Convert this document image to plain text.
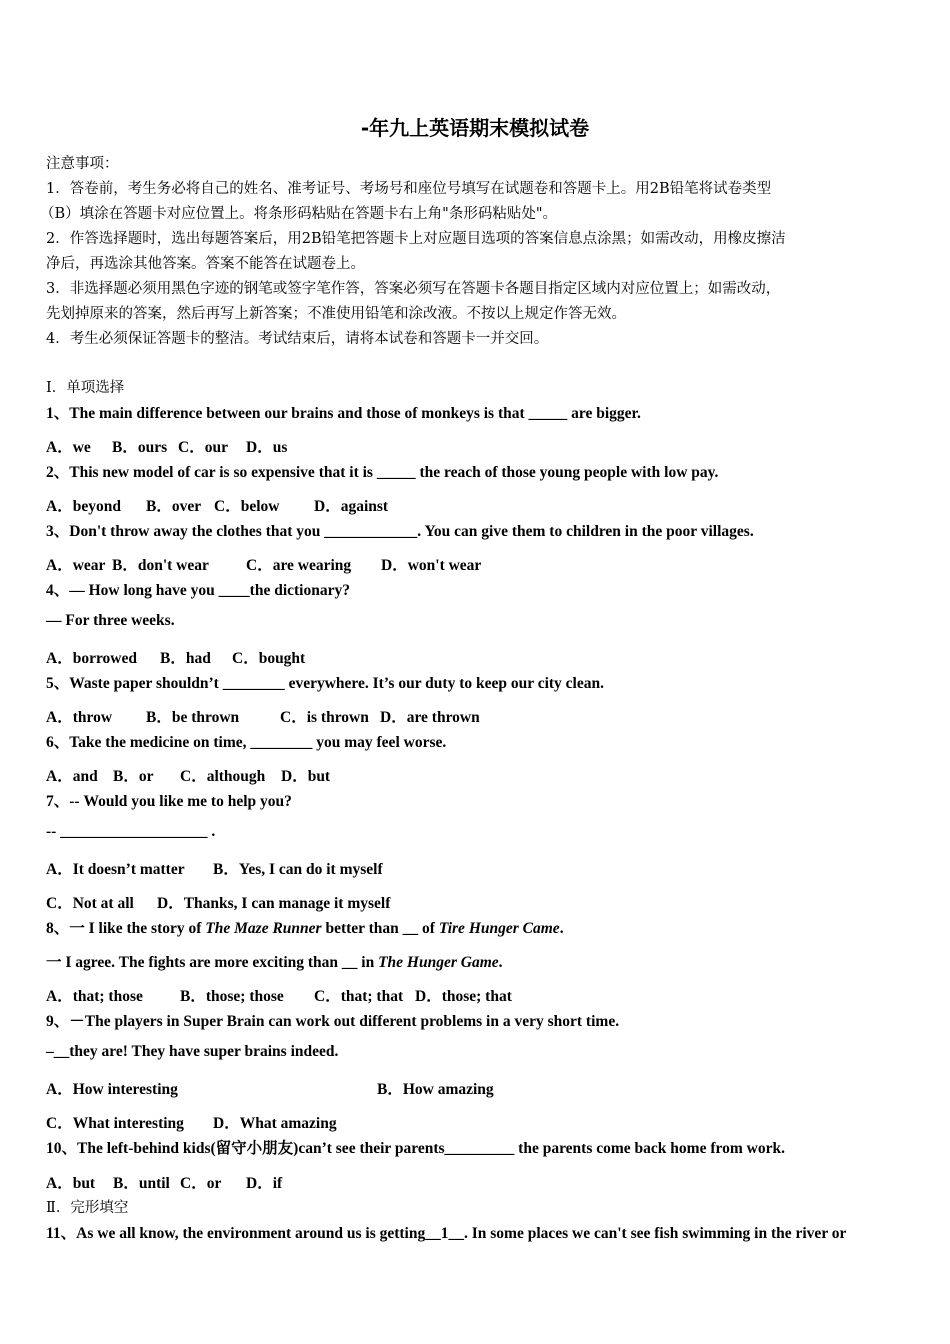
-年九上英语期末模拟试卷
注意事项：
1．答卷前，考生务必将自己的姓名、准考证号、考场号和座位号填写在试题卷和答题卡上。用2B铅笔将试卷类型
（B）填涂在答题卡对应位置上。将条形码粘贴在答题卡右上角"条形码粘贴处"。
2．作答选择题时，选出每题答案后，用2B铅笔把答题卡上对应题目选项的答案信息点涂黑；如需改动，用橡皮擦洁
净后，再选涂其他答案。答案不能答在试题卷上。
3．非选择题必须用黑色字迹的钢笔或签字笔作答，答案必须写在答题卡各题目指定区域内对应位置上；如需改动，
先划掉原来的答案，然后再写上新答案；不准使用铅笔和涂改液。不按以上规定作答无效。
4．考生必须保证答题卡的整洁。考试结束后，请将本试卷和答题卡一并交回。
Ⅰ．单项选择
1、The main difference between our brains and those of monkeys is that _____ are bigger.
A．we B．ours C．our D．us
2、This new model of car is so expensive that it is _____ the reach of those young people with low pay.
A．beyond B．over C．below D．against
3、Don't throw away the clothes that you ____________. You can give them to children in the poor villages.
A．wear B．don't wear C．are wearing D．won't wear
4、— How long have you ____the dictionary?
— For three weeks.
A．borrowed B．had C．bought
5、Waste paper shouldn’t ________ everywhere. It’s our duty to keep our city clean.
A．throw B．be thrown	C．is thrown D．are thrown
6、Take the medicine on time, ________ you may feel worse.
A．and B．or C．although D．but
7、-- Would you like me to help you?
-- ___________________ .
A．It doesn’t matter B．Yes, I can do it myself
C．Not at all D．Thanks, I can manage it myself
8、一 I like the story of The Maze Runner better than __ of Tire Hunger Came.
一 I agree. The fights are more exciting than __ in The Hunger Game.
A．that; those B．those; those C．that; that D．those; that
9、－The players in Super Brain can work out different problems in a very short time.
–__they are! They have super brains indeed.
A．How interesting	B．How amazing
C．What interesting D．What amazing
10、The left-behind kids(留守小朋友)can’t see their parents_________ the parents come back home from work.
A．but B．until C．or D．if
Ⅱ．完形填空
11、As we all know, the environment around us is getting__1__. In some places we can't see fish swimming in the river or
